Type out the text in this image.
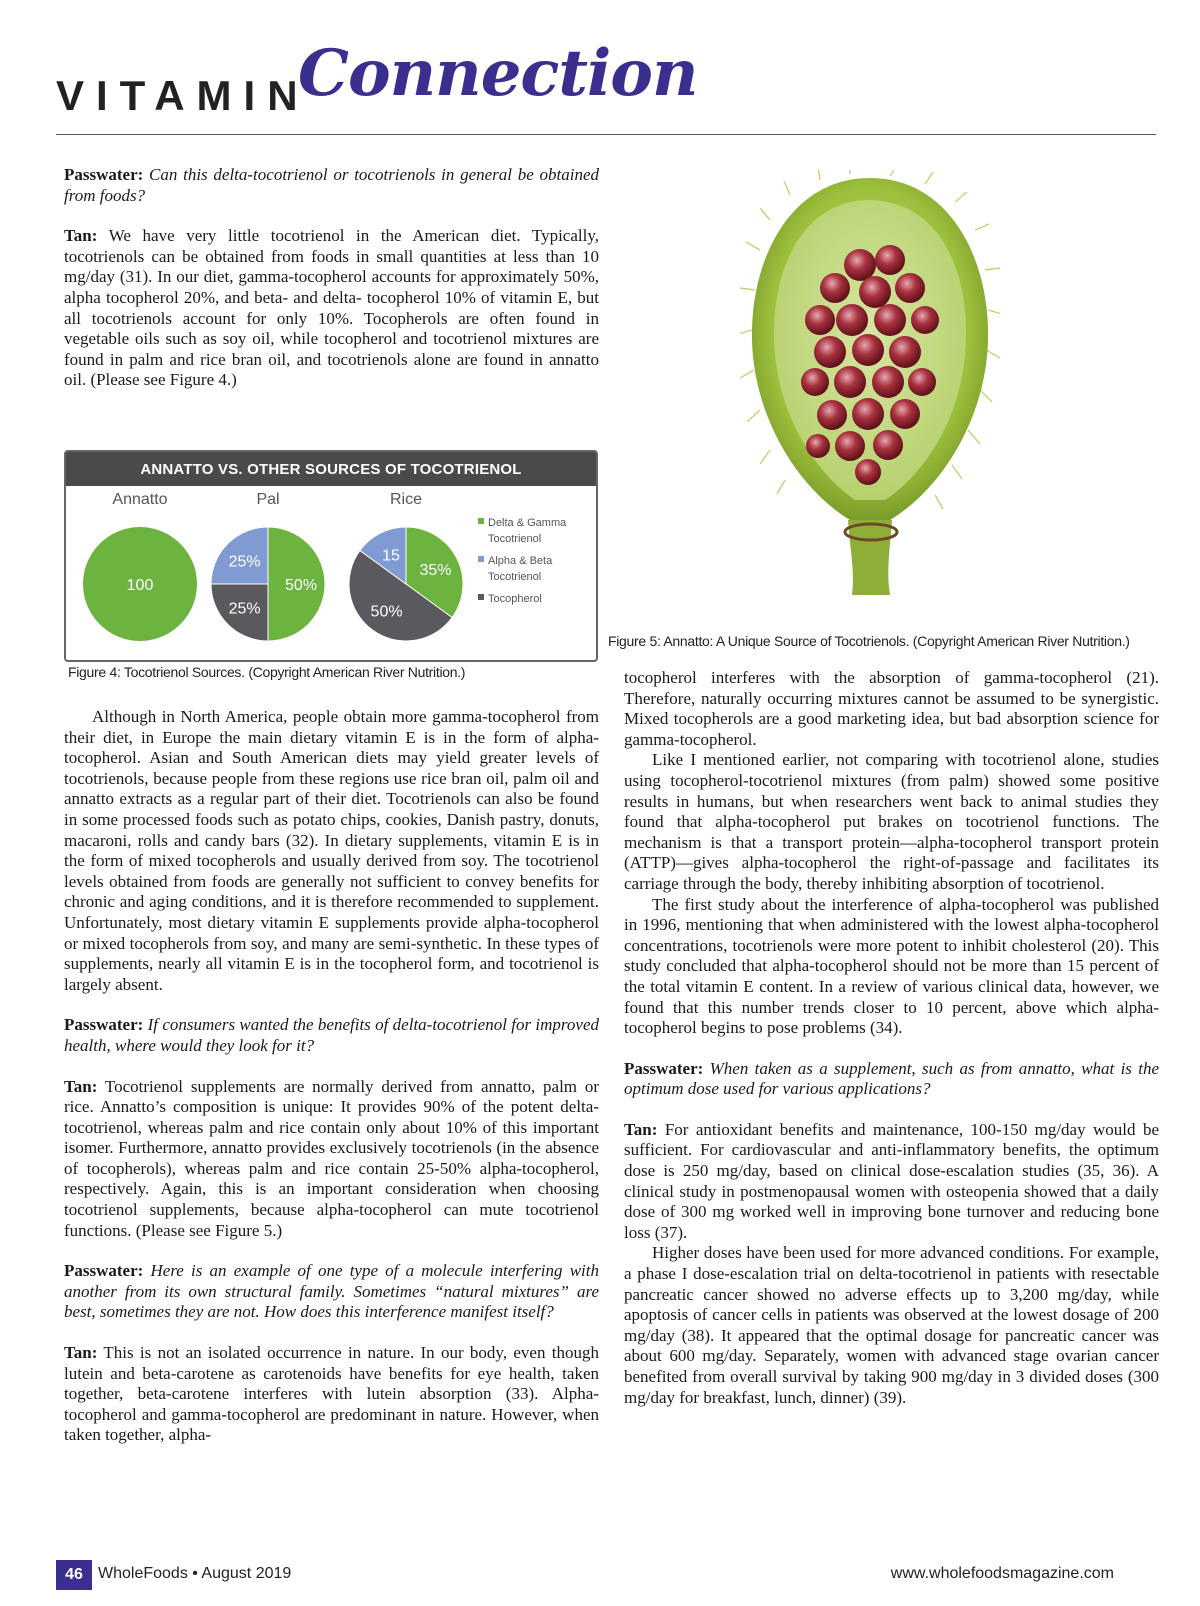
VITAMIN
Connection

Passwater: Can this delta-tocotrienol or tocotrienols in general be obtained from foods?

Tan: We have very little tocotrienol in the American diet. Typically, tocotrienols can be obtained from foods in small quantities at less than 10 mg/day (31). In our diet, gamma-tocopherol accounts for approximately 50%, alpha tocopherol 20%, and beta- and delta- tocopherol 10% of vitamin E, but all tocotrienols account for only 10%. Tocopherols are often found in vegetable oils such as soy oil, while tocopherol and tocotrienol mixtures are found in palm and rice bran oil, and tocotrienols alone are found in annatto oil. (Please see Figure 4.)

ANNATTO VS. OTHER SOURCES OF TOCOTRIENOL
Annatto
100
Pal
50%
25%
25%
Rice
35%
50%
15
Delta & Gamma Tocotrienol
Alpha & Beta Tocotrienol
Tocopherol
Figure 4: Tocotrienol Sources. (Copyright American River Nutrition.)

Although in North America, people obtain more gamma-tocopherol from their diet, in Europe the main dietary vitamin E is in the form of alpha-tocopherol. Asian and South American diets may yield greater levels of tocotrienols, because people from these regions use rice bran oil, palm oil and annatto extracts as a regular part of their diet. Tocotrienols can also be found in some processed foods such as potato chips, cookies, Danish pastry, donuts, macaroni, rolls and candy bars (32). In dietary supplements, vitamin E is in the form of mixed tocopherols and usually derived from soy. The tocotrienol levels obtained from foods are generally not sufficient to convey benefits for chronic and aging conditions, and it is therefore recommended to supplement. Unfortunately, most dietary vitamin E supplements provide alpha-tocopherol or mixed tocopherols from soy, and many are semi-synthetic. In these types of supplements, nearly all vitamin E is in the tocopherol form, and tocotrienol is largely absent.

Passwater: If consumers wanted the benefits of delta-tocotrienol for improved health, where would they look for it?

Tan: Tocotrienol supplements are normally derived from annatto, palm or rice. Annatto’s composition is unique: It provides 90% of the potent delta-tocotrienol, whereas palm and rice contain only about 10% of this important isomer. Furthermore, annatto provides exclusively tocotrienols (in the absence of tocopherols), whereas palm and rice contain 25-50% alpha-tocopherol, respectively. Again, this is an important consideration when choosing tocotrienol supplements, because alpha-tocopherol can mute tocotrienol functions. (Please see Figure 5.)

Passwater: Here is an example of one type of a molecule interfering with another from its own structural family. Sometimes “natural mixtures” are best, sometimes they are not. How does this interference manifest itself?

Tan: This is not an isolated occurrence in nature. In our body, even though lutein and beta-carotene as carotenoids have benefits for eye health, taken together, beta-carotene interferes with lutein absorption (33). Alpha-tocopherol and gamma-tocopherol are predominant in nature. However, when taken together, alpha-

Figure 5: Annatto: A Unique Source of Tocotrienols. (Copyright American River Nutrition.)

tocopherol interferes with the absorption of gamma-tocopherol (21). Therefore, naturally occurring mixtures cannot be assumed to be synergistic. Mixed tocopherols are a good marketing idea, but bad absorption science for gamma-tocopherol.

Like I mentioned earlier, not comparing with tocotrienol alone, studies using tocopherol-tocotrienol mixtures (from palm) showed some positive results in humans, but when researchers went back to animal studies they found that alpha-tocopherol put brakes on tocotrienol functions. The mechanism is that a transport protein—alpha-tocopherol transport protein (ATTP)—gives alpha-tocopherol the right-of-passage and facilitates its carriage through the body, thereby inhibiting absorption of tocotrienol.

The first study about the interference of alpha-tocopherol was published in 1996, mentioning that when administered with the lowest alpha-tocopherol concentrations, tocotrienols were more potent to inhibit cholesterol (20). This study concluded that alpha-tocopherol should not be more than 15 percent of the total vitamin E content. In a review of various clinical data, however, we found that this number trends closer to 10 percent, above which alpha-tocopherol begins to pose problems (34).

Passwater: When taken as a supplement, such as from annatto, what is the optimum dose used for various applications?

Tan: For antioxidant benefits and maintenance, 100-150 mg/day would be sufficient. For cardiovascular and anti-inflammatory benefits, the optimum dose is 250 mg/day, based on clinical dose-escalation studies (35, 36). A clinical study in postmenopausal women with osteopenia showed that a daily dose of 300 mg worked well in improving bone turnover and reducing bone loss (37).

Higher doses have been used for more advanced conditions. For example, a phase I dose-escalation trial on delta-tocotrienol in patients with resectable pancreatic cancer showed no adverse effects up to 3,200 mg/day, while apoptosis of cancer cells in patients was observed at the lowest dosage of 200 mg/day (38). It appeared that the optimal dosage for pancreatic cancer was about 600 mg/day. Separately, women with advanced stage ovarian cancer benefited from overall survival by taking 900 mg/day in 3 divided doses (300 mg/day for breakfast, lunch, dinner) (39).

46 WholeFoods • August 2019	www.wholefoodsmagazine.com
